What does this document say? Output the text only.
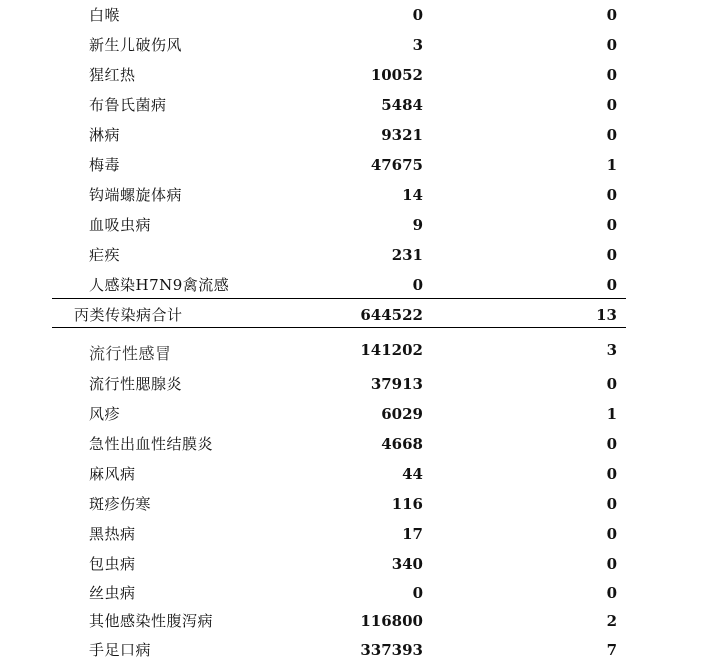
白喉	0	0
新生儿破伤风	3	0
猩红热	10052	0
布鲁氏菌病	5484	0
淋病	9321	0
梅毒	47675	1
钩端螺旋体病	14	0
血吸虫病	9	0
疟疾	231	0
人感染H7N9禽流感	0	0
丙类传染病合计	644522	13
流行性感冒	141202	3
流行性腮腺炎	37913	0
风疹	6029	1
急性出血性结膜炎	4668	0
麻风病	44	0
斑疹伤寒	116	0
黑热病	17	0
包虫病	340	0
丝虫病	0	0
其他感染性腹泻病	116800	2
手足口病	337393	7
